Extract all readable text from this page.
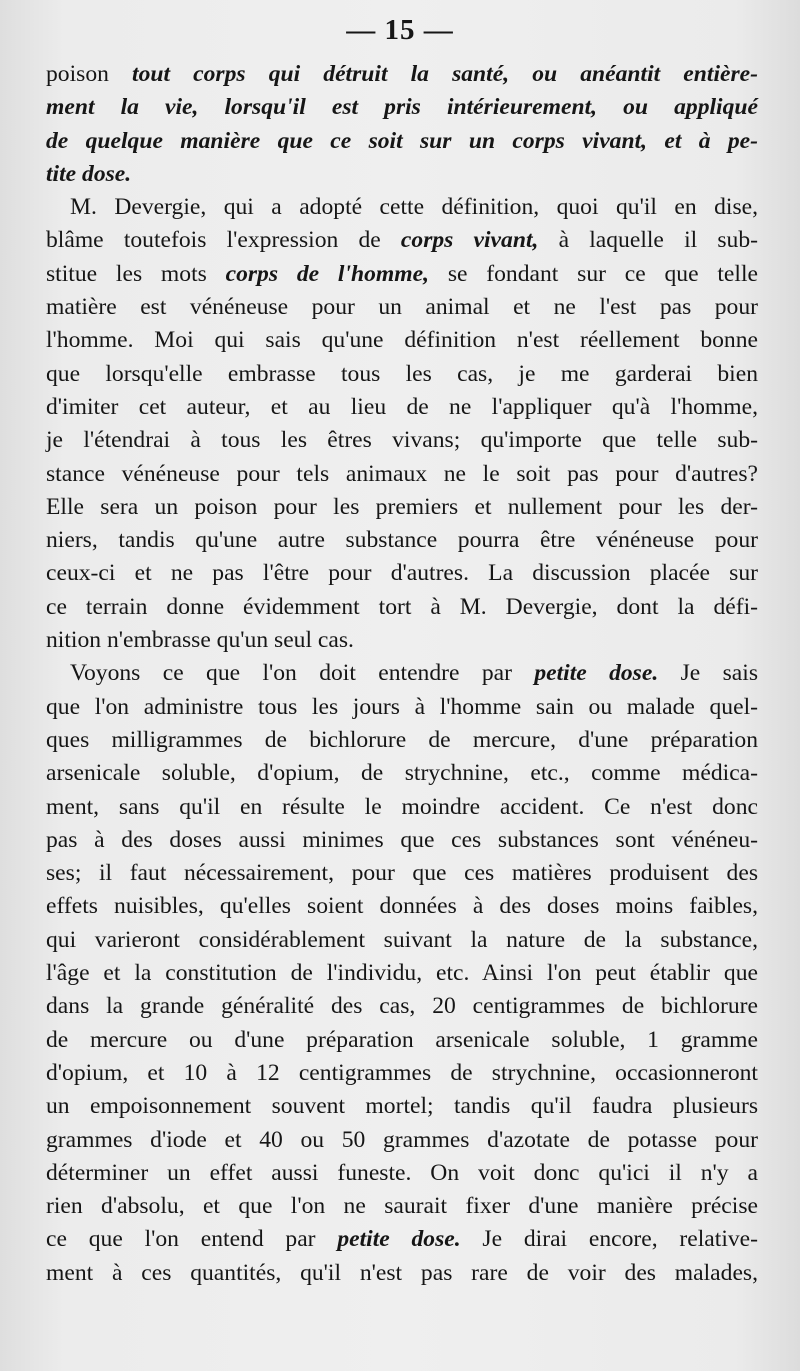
— 15 —
poison tout corps qui détruit la santé, ou anéantit entière-
ment la vie, lorsqu'il est pris intérieurement, ou appliqué
de quelque manière que ce soit sur un corps vivant, et à pe-
tite dose.
M. Devergie, qui a adopté cette définition, quoi qu'il en dise,
blâme toutefois l'expression de corps vivant, à laquelle il sub-
stitue les mots corps de l'homme, se fondant sur ce que telle
matière est vénéneuse pour un animal et ne l'est pas pour
l'homme. Moi qui sais qu'une définition n'est réellement bonne
que lorsqu'elle embrasse tous les cas, je me garderai bien
d'imiter cet auteur, et au lieu de ne l'appliquer qu'à l'homme,
je l'étendrai à tous les êtres vivans; qu'importe que telle sub-
stance vénéneuse pour tels animaux ne le soit pas pour d'autres?
Elle sera un poison pour les premiers et nullement pour les der-
niers, tandis qu'une autre substance pourra être vénéneuse pour
ceux-ci et ne pas l'être pour d'autres. La discussion placée sur
ce terrain donne évidemment tort à M. Devergie, dont la défi-
nition n'embrasse qu'un seul cas.
Voyons ce que l'on doit entendre par petite dose. Je sais
que l'on administre tous les jours à l'homme sain ou malade quel-
ques milligrammes de bichlorure de mercure, d'une préparation
arsenicale soluble, d'opium, de strychnine, etc., comme médica-
ment, sans qu'il en résulte le moindre accident. Ce n'est donc
pas à des doses aussi minimes que ces substances sont vénéneu-
ses; il faut nécessairement, pour que ces matières produisent des
effets nuisibles, qu'elles soient données à des doses moins faibles,
qui varieront considérablement suivant la nature de la substance,
l'âge et la constitution de l'individu, etc. Ainsi l'on peut établir que
dans la grande généralité des cas, 20 centigrammes de bichlorure
de mercure ou d'une préparation arsenicale soluble, 1 gramme
d'opium, et 10 à 12 centigrammes de strychnine, occasionneront
un empoisonnement souvent mortel; tandis qu'il faudra plusieurs
grammes d'iode et 40 ou 50 grammes d'azotate de potasse pour
déterminer un effet aussi funeste. On voit donc qu'ici il n'y a
rien d'absolu, et que l'on ne saurait fixer d'une manière précise
ce que l'on entend par petite dose. Je dirai encore, relative-
ment à ces quantités, qu'il n'est pas rare de voir des malades,
